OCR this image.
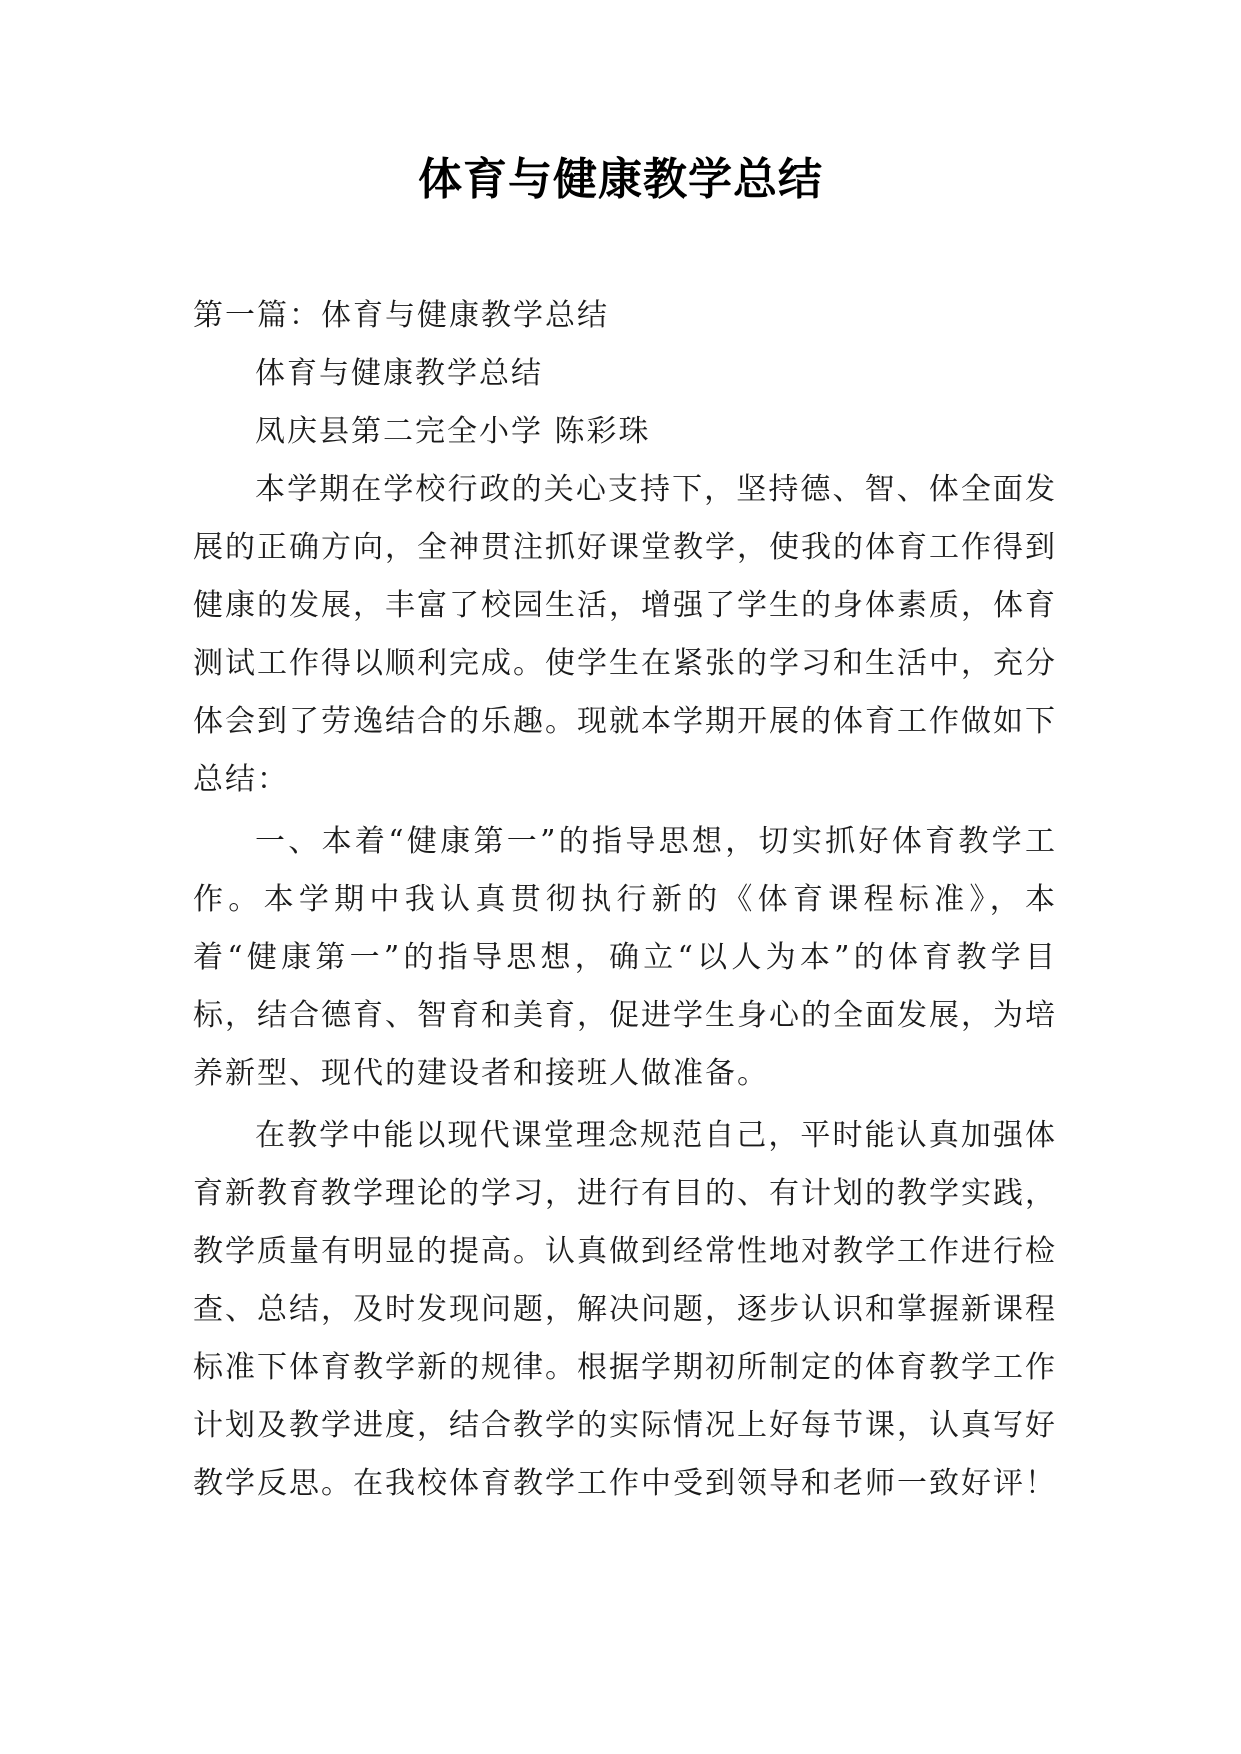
体育与健康教学总结

第一篇：体育与健康教学总结

体育与健康教学总结

凤庆县第二完全小学 陈彩珠

本学期在学校行政的关心支持下，坚持德、智、体全面发展的正确方向，全神贯注抓好课堂教学，使我的体育工作得到健康的发展，丰富了校园生活，增强了学生的身体素质，体育测试工作得以顺利完成。使学生在紧张的学习和生活中，充分体会到了劳逸结合的乐趣。现就本学期开展的体育工作做如下总结：

一、本着“健康第一”的指导思想，切实抓好体育教学工作。本学期中我认真贯彻执行新的《体育课程标准》，本着“健康第一”的指导思想，确立“以人为本”的体育教学目标，结合德育、智育和美育，促进学生身心的全面发展，为培养新型、现代的建设者和接班人做准备。

在教学中能以现代课堂理念规范自己，平时能认真加强体育新教育教学理论的学习，进行有目的、有计划的教学实践，教学质量有明显的提高。认真做到经常性地对教学工作进行检查、总结，及时发现问题，解决问题，逐步认识和掌握新课程标准下体育教学新的规律。根据学期初所制定的体育教学工作计划及教学进度，结合教学的实际情况上好每节课，认真写好教学反思。在我校体育教学工作中受到领导和老师一致好评！
